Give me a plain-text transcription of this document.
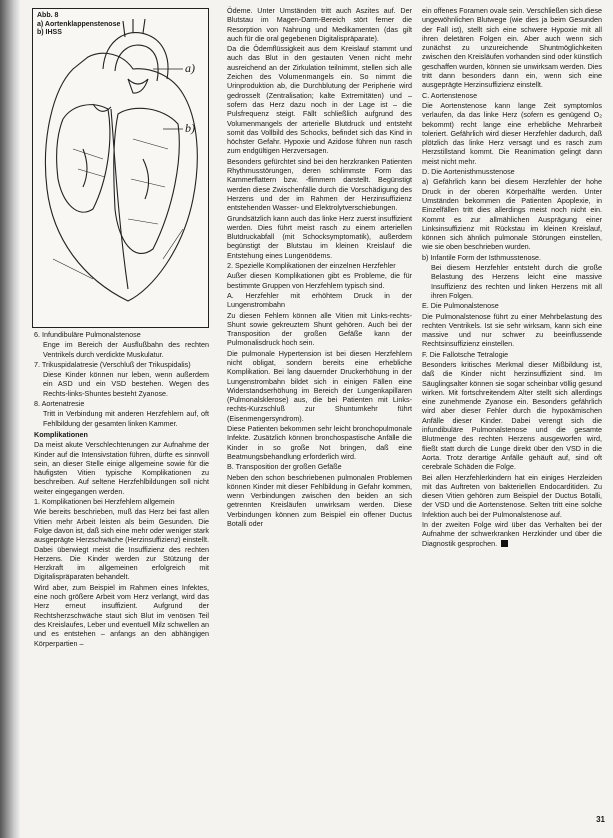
Abb. 8
a) Aortenklappenstenose
b) IHSS
a)
b)

6. Infundibuläre Pulmonalstenose

Enge im Bereich der Ausflußbahn des rechten Ventrikels durch verdickte Muskulatur.

7. Trikuspidalatresie (Verschluß der Trikuspidalis)

Diese Kinder können nur leben, wenn außerdem ein ASD und ein VSD bestehen. Wegen des Rechts-links-Shuntes besteht Zyanose.

8. Aortenatresie

Tritt in Verbindung mit anderen Herzfehlern auf, oft Fehlbildung der gesamten linken Kammer.

Komplikationen

Da meist akute Verschlechterungen zur Aufnahme der Kinder auf die Intensivstation führen, dürfte es sinnvoll sein, an dieser Stelle einige allgemeine sowie für die häufigsten Vitien typische Komplikationen zu beschreiben. Auf seltene Herzfehlbildungen soll nicht weiter eingegangen werden.

1. Komplikationen bei Herzfehlern allgemein

Wie bereits beschrieben, muß das Herz bei fast allen Vitien mehr Arbeit leisten als beim Gesunden. Die Folge davon ist, daß sich eine mehr oder weniger stark ausgeprägte Herzschwäche (Herzinsuffizienz) einstellt. Dabei überwiegt meist die Insuffizienz des rechten Herzens. Die Kinder werden zur Stützung der Herzkraft im allgemeinen erfolgreich mit Digitalispräparaten behandelt.

Wird aber, zum Beispiel im Rahmen eines Infektes, eine noch größere Arbeit vom Herz verlangt, wird das Herz erneut insuffizient. Aufgrund der Rechtsherzschwäche staut sich Blut im venösen Teil des Kreislaufes, Leber und eventuell Milz schwellen an und es entstehen – anfangs an den abhängigen Körperpartien –

Ödeme. Unter Umständen tritt auch Aszites auf. Der Blutstau im Magen-Darm-Bereich stört ferner die Resorption von Nahrung und Medikamenten (das gilt auch für die oral gegebenen Digitalispräparate).

Da die Ödemflüssigkeit aus dem Kreislauf stammt und auch das Blut in den gestauten Venen nicht mehr ausreichend an der Zirkulation teilnimmt, stellen sich alle Zeichen des Volumenmangels ein. So nimmt die Urinproduktion ab, die Durchblutung der Peripherie wird gedrosselt (Zentralisation; kalte Extremitäten) und – sofern das Herz dazu noch in der Lage ist – die Pulsfrequenz steigt. Fällt schließlich aufgrund des Volumenmangels der arterielle Blutdruck und entsteht somit das Vollbild des Schocks, befindet sich das Kind in höchster Gefahr. Hypoxie und Azidose führen nun rasch zum endgültigen Herzversagen.

Besonders gefürchtet sind bei den herzkranken Patienten Rhythmusstörungen, deren schlimmste Form das Kammerflattern bzw. -flimmern darstellt. Begünstigt werden diese Zwischenfälle durch die Vorschädigung des Herzens und der im Rahmen der Herzinsuffizienz entstehenden Wasser- und Elektrolytverschiebungen.

Grundsätzlich kann auch das linke Herz zuerst insuffizient werden. Dies führt meist rasch zu einem arteriellen Blutdruckabfall (mit Schocksymptomatik), außerdem begünstigt der Blutstau im kleinen Kreislauf die Entstehung eines Lungenödems.

2. Spezielle Komplikationen der einzelnen Herzfehler

Außer diesen Komplikationen gibt es Probleme, die für bestimmte Gruppen von Herzfehlern typisch sind.

A. Herzfehler mit erhöhtem Druck in der Lungenstrombahn

Zu diesen Fehlern können alle Vitien mit Links-rechts-Shunt sowie gekreuztem Shunt gehören. Auch bei der Transposition der großen Gefäße kann der Pulmonalisdruck hoch sein.

Die pulmonale Hypertension ist bei diesen Herzfehlern nicht obligat, sondern bereits eine erhebliche Komplikation. Bei lang dauernder Druckerhöhung in der Lungenstrombahn bildet sich in einigen Fällen eine Widerstandserhöhung im Bereich der Lungenkapillaren (Pulmonalsklerose) aus, die bei Patienten mit Links-rechts-Kurzschluß zur Shuntumkehr führt (Eisenmengersyndrom).

Diese Patienten bekommen sehr leicht bronchopulmonale Infekte. Zusätzlich können bronchospastische Anfälle die Kinder in so große Not bringen, daß eine Beatmungsbehandlung erforderlich wird.

B. Transposition der großen Gefäße

Neben den schon beschriebenen pulmonalen Problemen können Kinder mit dieser Fehlbildung in Gefahr kommen, wenn Verbindungen zwischen den beiden an sich getrennten Kreisläufen unwirksam werden. Diese Verbindungen können zum Beispiel ein offener Ductus Botalli oder

ein offenes Foramen ovale sein. Verschließen sich diese ungewöhnlichen Blutwege (wie dies ja beim Gesunden der Fall ist), stellt sich eine schwere Hypoxie mit all ihren deletären Folgen ein. Aber auch wenn sich zunächst zu unzureichende Shuntmöglichkeiten zwischen den Kreisläufen vorhanden sind oder künstlich geschaffen wurden, können sie unwirksam werden. Dies tritt dann besonders dann ein, wenn sich eine ausgeprägte Herzinsuffizienz einstellt.

C. Aortenstenose

Die Aortenstenose kann lange Zeit symptomlos verlaufen, da das linke Herz (sofern es genügend O₂ bekommt) recht lange eine erhebliche Mehrarbeit toleriert. Gefährlich wird dieser Herzfehler dadurch, daß plötzlich das linke Herz versagt und es rasch zum Herzstillstand kommt. Die Reanimation gelingt dann meist nicht mehr.

D. Die Aortenisthmusstenose

a) Gefährlich kann bei diesem Herzfehler der hohe Druck in der oberen Körperhälfte werden. Unter Umständen bekommen die Patienten Apoplexie, in Einzelfällen tritt dies allerdings meist noch nicht ein. Kommt es zur allmählichen Ausprägung einer Linksinsuffizienz mit Rückstau im kleinen Kreislauf, können sich ähnlich pulmonale Störungen einstellen, wie sie oben beschrieben wurden.

b) Infantile Form der Isthmusstenose.

Bei diesem Herzfehler entsteht durch die große Belastung des Herzens leicht eine massive Insuffizienz des rechten und linken Herzens mit all ihren Folgen.

E. Die Pulmonalstenose

Die Pulmonalstenose führt zu einer Mehrbelastung des rechten Ventrikels. Ist sie sehr wirksam, kann sich eine massive und nur schwer zu beeinflussende Rechtsinsuffizienz einstellen.

F. Die Fallotsche Tetralogie

Besonders kritisches Merkmal dieser Mißbildung ist, daß die Kinder nicht herzinsuffizient sind. Im Säuglingsalter können sie sogar scheinbar völlig gesund wirken. Mit fortschreitendem Alter stellt sich allerdings eine zunehmende Zyanose ein. Besonders gefährlich wird aber dieser Fehler durch die hypoxämischen Anfälle dieser Kinder. Dabei verengt sich die infundibuläre Pulmonalstenose und die gesamte Blutmenge des rechten Herzens ausgeworfen wird, fließt statt durch die Lunge direkt über den VSD in die Aorta. Trotz derartige Anfälle gehäuft auf, sind oft cerebrale Schäden die Folge.

Bei allen Herzfehlerkindern hat ein einiges Herzleiden mit das Auftreten von bakteriellen Endocarditiden. Zu diesen Vitien gehören zum Beispiel der Ductus Botalli, der VSD und die Aortenstenose. Selten tritt eine solche Infektion auch bei der Pulmonalstenose auf.

In der zweiten Folge wird über das Verhalten bei der Aufnahme der schwerkranken Herzkinder und über die Diagnostik gesprochen.

31
